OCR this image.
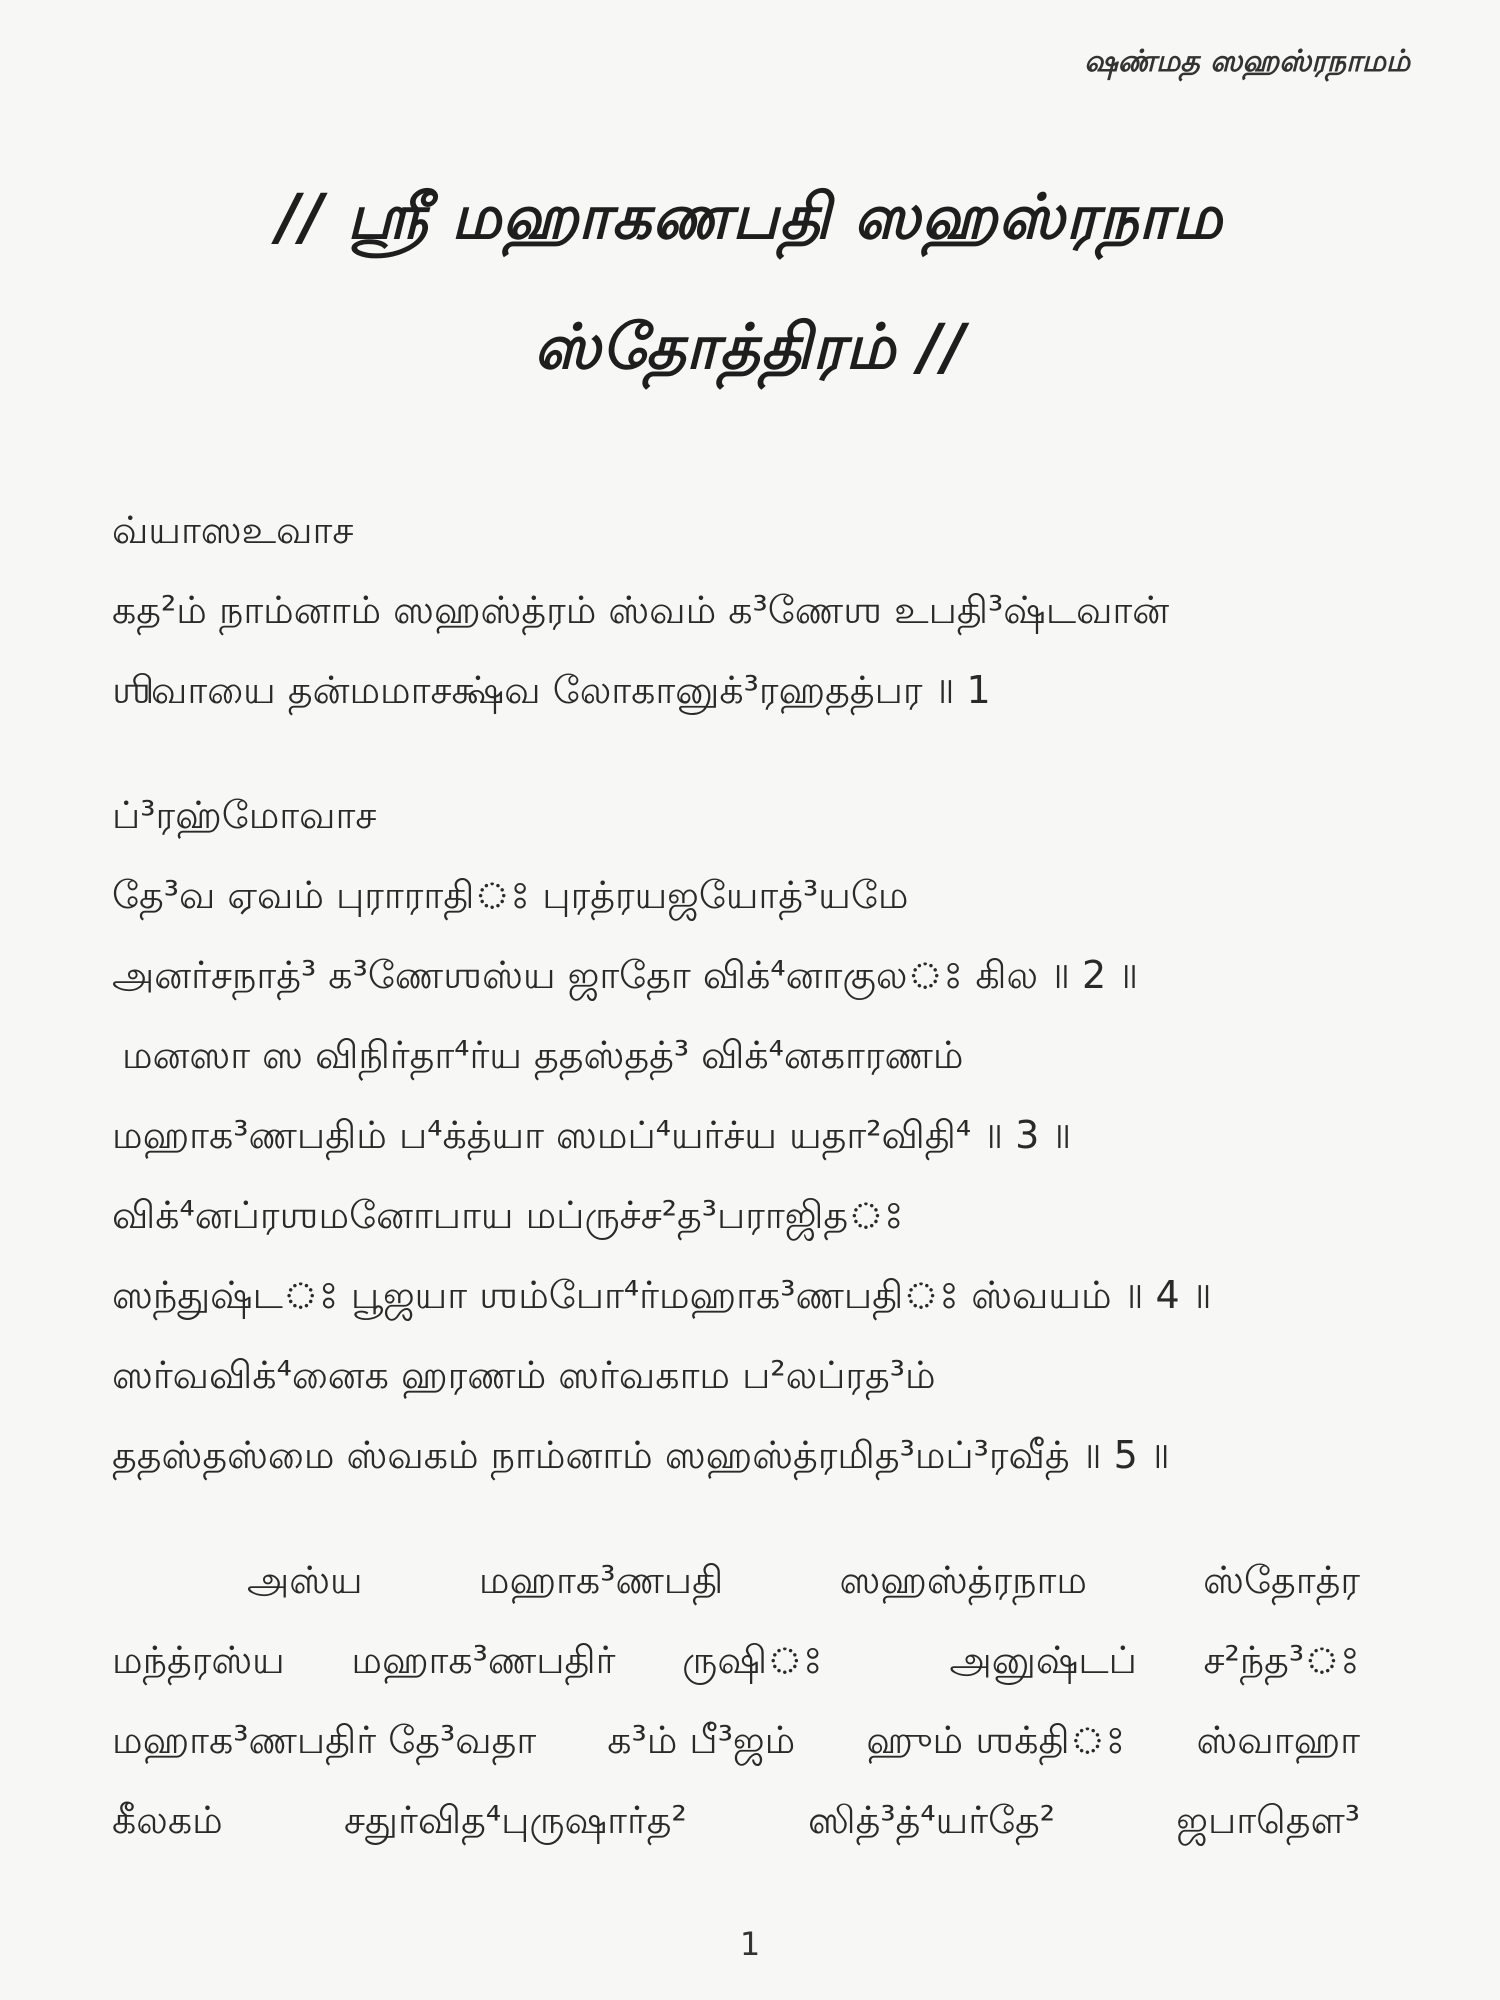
ஷண்மத ஸஹஸ்ரநாமம்
// ஶ்ரீ மஹாகணபதி ஸஹஸ்ரநாம
ஸ்தோத்திரம் //
வ்யாஸஉவாச
கத²ம் நாம்னாம் ஸஹஸ்த்ரம் ஸ்வம் க³ணேஶ உபதி³ஷ்டவான்
ஶிவாயை தன்மமாசக்ஷ்வ லோகானுக்³ரஹதத்பர ॥ 1
ப்³ரஹ்மோவாச
தே³வ ஏவம் புராராதிঃ புரத்ரயஜயோத்³யமே
அனர்சநாத்³ க³ணேஶஸ்ய ஜாதோ விக்⁴னாகுலঃ கில ॥ 2 ॥
மனஸா ஸ விநிர்தா⁴ர்ய ததஸ்தத்³ விக்⁴னகாரணம்
மஹாக³ணபதிம் ப⁴க்த்யா ஸமப்⁴யர்ச்ய யதா²விதி⁴ ॥ 3 ॥
விக்⁴னப்ரஶமனோபாய மப்ருச்ச²த³பராஜிதঃ
ஸந்துஷ்டঃ பூஜயா ஶம்போ⁴ர்மஹாக³ணபதிঃ ஸ்வயம் ॥ 4 ॥
ஸர்வவிக்⁴னைக ஹரணம் ஸர்வகாம ப²லப்ரத³ம்
ததஸ்தஸ்மை ஸ்வகம் நாம்னாம் ஸஹஸ்த்ரமித³மப்³ரவீத் ॥ 5 ॥
அஸ்ய	மஹாக³ணபதி	ஸஹஸ்த்ரநாம	ஸ்தோத்ர
மந்த்ரஸ்ய மஹாக³ணபதிர் ருஷிঃ	அனுஷ்டப் ச²ந்த³ঃ
மஹாக³ணபதிர் தே³வதா க³ம் பீ³ஜம் ஹும் ஶக்திঃ ஸ்வாஹா
கீலகம்	சதுர்வித⁴புருஷார்த²	ஸித்³த்⁴யர்தே²	ஜபாதௌ³
1
